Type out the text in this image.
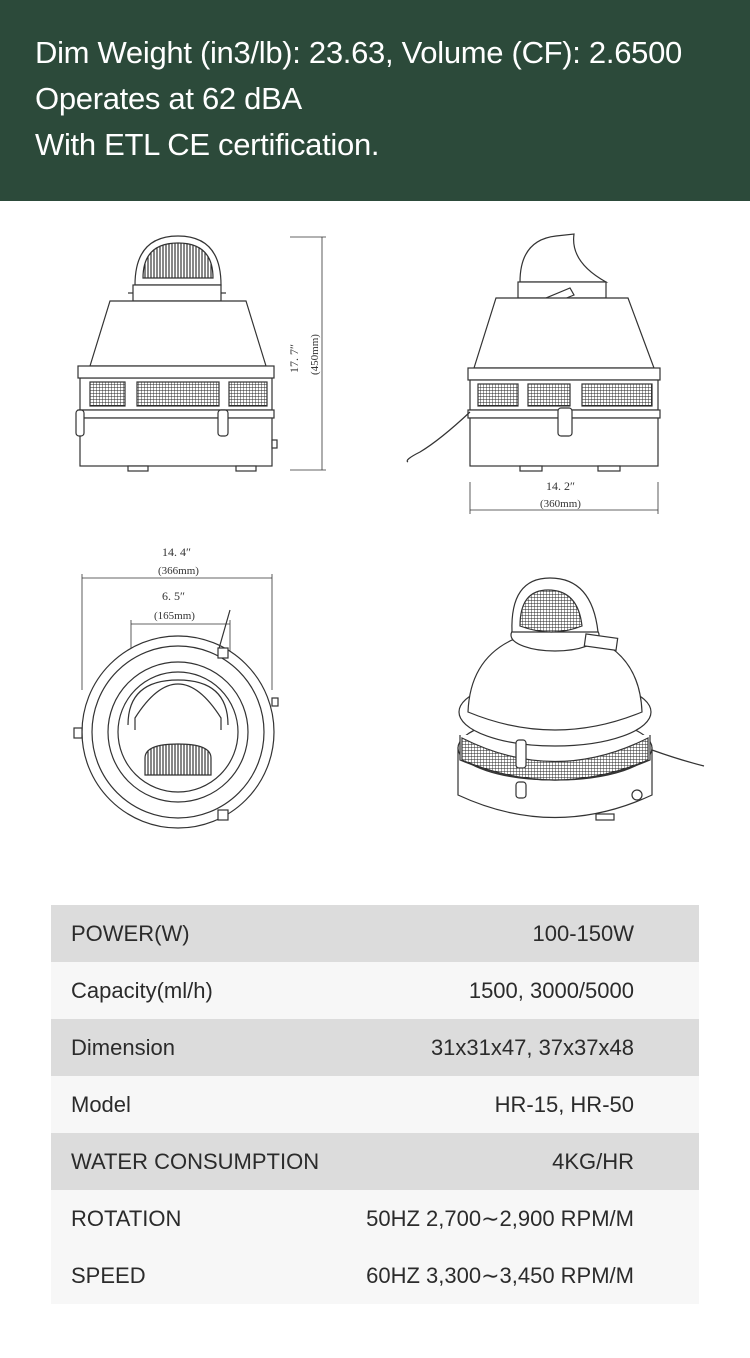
Dim Weight (in3/lb): 23.63, Volume (CF): 2.6500
Operates at 62 dBA
With ETL CE certification.
17. 7″ (450mm)
14. 2″
(360mm)
14. 4″
(366mm)
6. 5″
(165mm)
POWER(W)	100-150W
Capacity(ml/h)	1500, 3000/5000
Dimension	31x31x47, 37x37x48
Model	HR-15, HR-50
WATER CONSUMPTION	4KG/HR
ROTATION	50HZ 2,700∼2,900 RPM/M
SPEED	60HZ 3,300∼3,450 RPM/M
